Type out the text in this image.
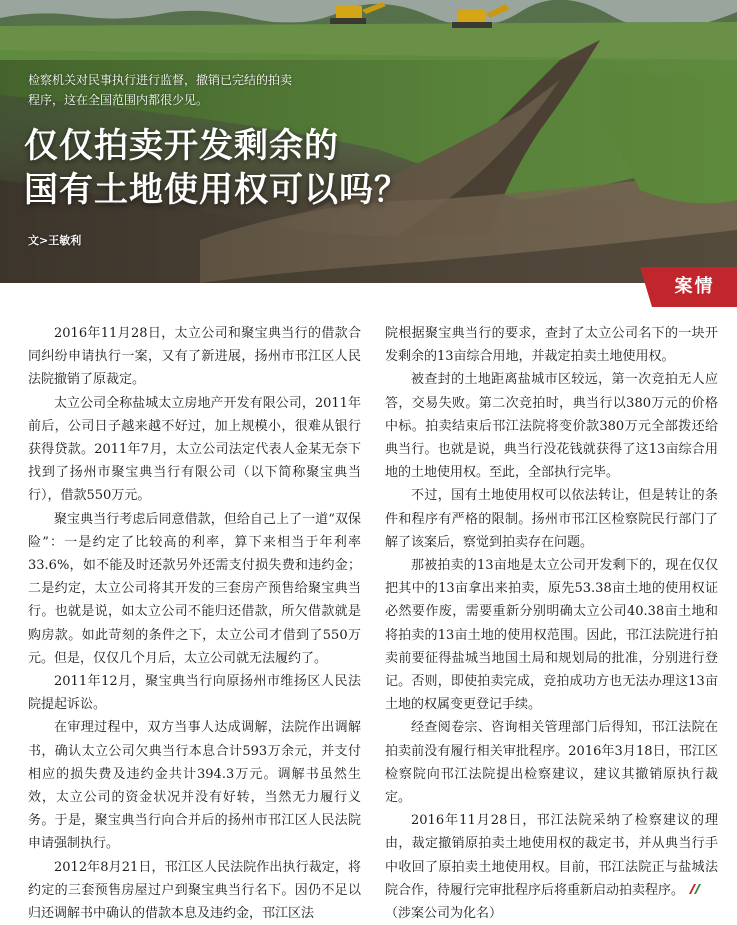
检察机关对民事执行进行监督，撤销已完结的拍卖程序，这在全国范围内都很少见。

仅仅拍卖开发剩余的
国有土地使用权可以吗？

文>王敏利

案情

2016年11月28日，太立公司和聚宝典当行的借款合同纠纷申请执行一案，又有了新进展，扬州市邗江区人民法院撤销了原裁定。

太立公司全称盐城太立房地产开发有限公司，2011年前后，公司日子越来越不好过，加上规模小，很难从银行获得贷款。2011年7月，太立公司法定代表人金某无奈下找到了扬州市聚宝典当行有限公司（以下简称聚宝典当行），借款550万元。

聚宝典当行考虑后同意借款，但给自己上了一道“双保险”：一是约定了比较高的利率，算下来相当于年利率33.6%，如不能及时还款另外还需支付损失费和违约金；二是约定，太立公司将其开发的三套房产预售给聚宝典当行。也就是说，如太立公司不能归还借款，所欠借款就是购房款。如此苛刻的条件之下，太立公司才借到了550万元。但是，仅仅几个月后，太立公司就无法履约了。

2011年12月，聚宝典当行向原扬州市维扬区人民法院提起诉讼。

在审理过程中，双方当事人达成调解，法院作出调解书，确认太立公司欠典当行本息合计593万余元，并支付相应的损失费及违约金共计394.3万元。调解书虽然生效，太立公司的资金状况并没有好转，当然无力履行义务。于是，聚宝典当行向合并后的扬州市邗江区人民法院申请强制执行。

2012年8月21日，邗江区人民法院作出执行裁定，将约定的三套预售房屋过户到聚宝典当行名下。因仍不足以归还调解书中确认的借款本息及违约金，邗江区法

院根据聚宝典当行的要求，查封了太立公司名下的一块开发剩余的13亩综合用地，并裁定拍卖土地使用权。

被查封的土地距离盐城市区较远，第一次竞拍无人应答，交易失败。第二次竞拍时，典当行以380万元的价格中标。拍卖结束后邗江法院将变价款380万元全部拨还给典当行。也就是说，典当行没花钱就获得了这13亩综合用地的土地使用权。至此，全部执行完毕。

不过，国有土地使用权可以依法转让，但是转让的条件和程序有严格的限制。扬州市邗江区检察院民行部门了解了该案后，察觉到拍卖存在问题。

那被拍卖的13亩地是太立公司开发剩下的，现在仅仅把其中的13亩拿出来拍卖，原先53.38亩土地的使用权证必然要作废，需要重新分别明确太立公司40.38亩土地和将拍卖的13亩土地的使用权范围。因此，邗江法院进行拍卖前要征得盐城当地国土局和规划局的批准，分别进行登记。否则，即使拍卖完成，竞拍成功方也无法办理这13亩土地的权属变更登记手续。

经查阅卷宗、咨询相关管理部门后得知，邗江法院在拍卖前没有履行相关审批程序。2016年3月18日，邗江区检察院向邗江法院提出检察建议，建议其撤销原执行裁定。

2016年11月28日，邗江法院采纳了检察建议的理由，裁定撤销原拍卖土地使用权的裁定书，并从典当行手中收回了原拍卖土地使用权。目前，邗江法院正与盐城法院合作，待履行完审批程序后将重新启动拍卖程序。

（涉案公司为化名）
